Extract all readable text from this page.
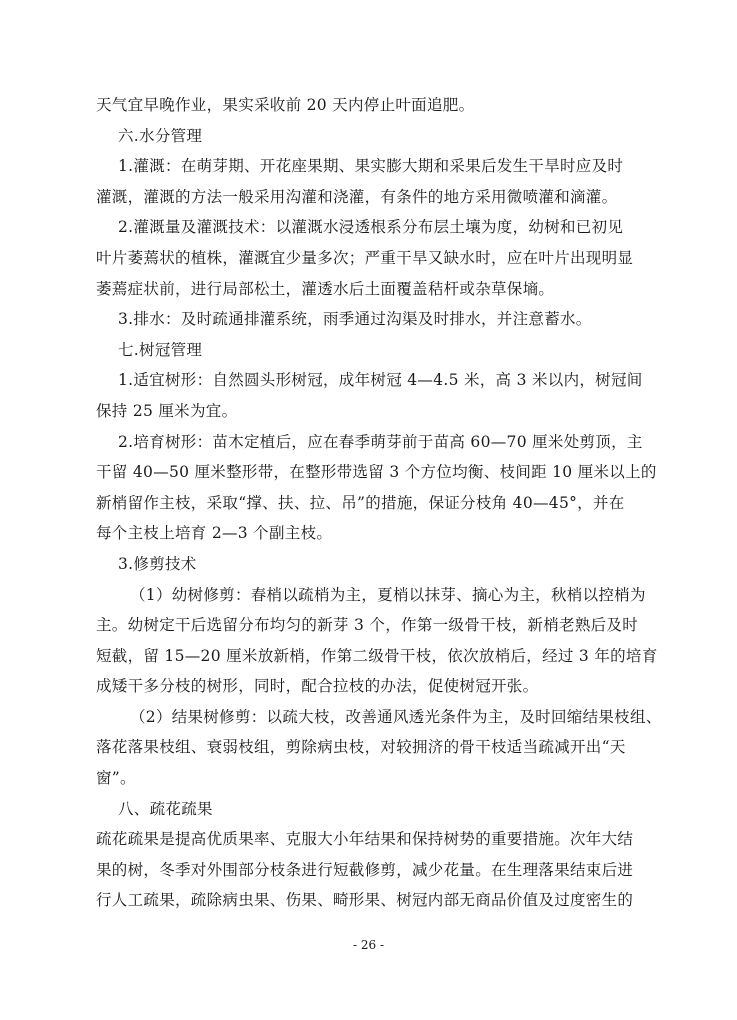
天气宜早晚作业，果实采收前 20 天内停止叶面追肥。
六.水分管理
1.灌溉：在萌芽期、开花座果期、果实膨大期和采果后发生干旱时应及时
灌溉，灌溉的方法一般采用沟灌和浇灌，有条件的地方采用微喷灌和滴灌。
2.灌溉量及灌溉技术：以灌溉水浸透根系分布层土壤为度，幼树和已初见
叶片萎蔫状的植株，灌溉宜少量多次；严重干旱又缺水时，应在叶片出现明显
萎蔫症状前，进行局部松土，灌透水后土面覆盖秸杆或杂草保墒。
3.排水：及时疏通排灌系统，雨季通过沟渠及时排水，并注意蓄水。
七.树冠管理
1.适宜树形：自然圆头形树冠，成年树冠 4—4.5 米，高 3 米以内，树冠间
保持 25 厘米为宜。
2.培育树形：苗木定植后，应在春季萌芽前于苗高 60—70 厘米处剪顶，主
干留 40—50 厘米整形带，在整形带选留 3 个方位均衡、枝间距 10 厘米以上的
新梢留作主枝，采取“撑、扶、拉、吊”的措施，保证分枝角 40—45°，并在
每个主枝上培育 2—3 个副主枝。
3.修剪技术
（1）幼树修剪：春梢以疏梢为主，夏梢以抹芽、摘心为主，秋梢以控梢为
主。幼树定干后选留分布均匀的新芽 3 个，作第一级骨干枝，新梢老熟后及时
短截，留 15—20 厘米放新梢，作第二级骨干枝，依次放梢后，经过 3 年的培育
成矮干多分枝的树形，同时，配合拉枝的办法，促使树冠开张。
（2）结果树修剪：以疏大枝，改善通风透光条件为主，及时回缩结果枝组、
落花落果枝组、衰弱枝组，剪除病虫枝，对较拥济的骨干枝适当疏减开出“天
窗”。
八、疏花疏果
疏花疏果是提高优质果率、克服大小年结果和保持树势的重要措施。次年大结
果的树，冬季对外围部分枝条进行短截修剪，减少花量。在生理落果结束后进
行人工疏果，疏除病虫果、伤果、畸形果、树冠内部无商品价值及过度密生的
- 26 -
